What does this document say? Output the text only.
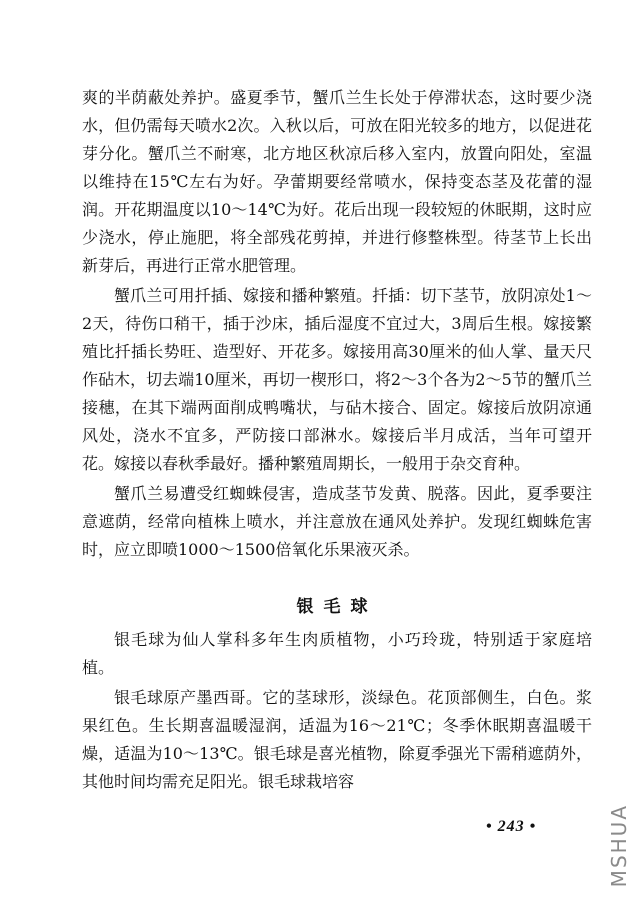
爽的半荫蔽处养护。盛夏季节，蟹爪兰生长处于停滞状态，这时要少浇水，但仍需每天喷水2次。入秋以后，可放在阳光较多的地方，以促进花芽分化。蟹爪兰不耐寒，北方地区秋凉后移入室内，放置向阳处，室温以维持在15℃左右为好。孕蕾期要经常喷水，保持变态茎及花蕾的湿润。开花期温度以10～14℃为好。花后出现一段较短的休眠期，这时应少浇水，停止施肥，将全部残花剪掉，并进行修整株型。待茎节上长出新芽后，再进行正常水肥管理。

蟹爪兰可用扦插、嫁接和播种繁殖。扦插：切下茎节，放阴凉处1～2天，待伤口稍干，插于沙床，插后湿度不宜过大，3周后生根。嫁接繁殖比扦插长势旺、造型好、开花多。嫁接用高30厘米的仙人掌、量天尺作砧木，切去端10厘米，再切一楔形口，将2～3个各为2～5节的蟹爪兰接穗，在其下端两面削成鸭嘴状，与砧木接合、固定。嫁接后放阴凉通风处，浇水不宜多，严防接口部淋水。嫁接后半月成活，当年可望开花。嫁接以春秋季最好。播种繁殖周期长，一般用于杂交育种。

蟹爪兰易遭受红蜘蛛侵害，造成茎节发黄、脱落。因此，夏季要注意遮荫，经常向植株上喷水，并注意放在通风处养护。发现红蜘蛛危害时，应立即喷1000～1500倍氧化乐果液灭杀。

银毛球

银毛球为仙人掌科多年生肉质植物，小巧玲珑，特别适于家庭培植。

银毛球原产墨西哥。它的茎球形，淡绿色。花顶部侧生，白色。浆果红色。生长期喜温暖湿润，适温为16～21℃；冬季休眠期喜温暖干燥，适温为10～13℃。银毛球是喜光植物，除夏季强光下需稍遮荫外，其他时间均需充足阳光。银毛球栽培容

• 243 •	MSHUA
